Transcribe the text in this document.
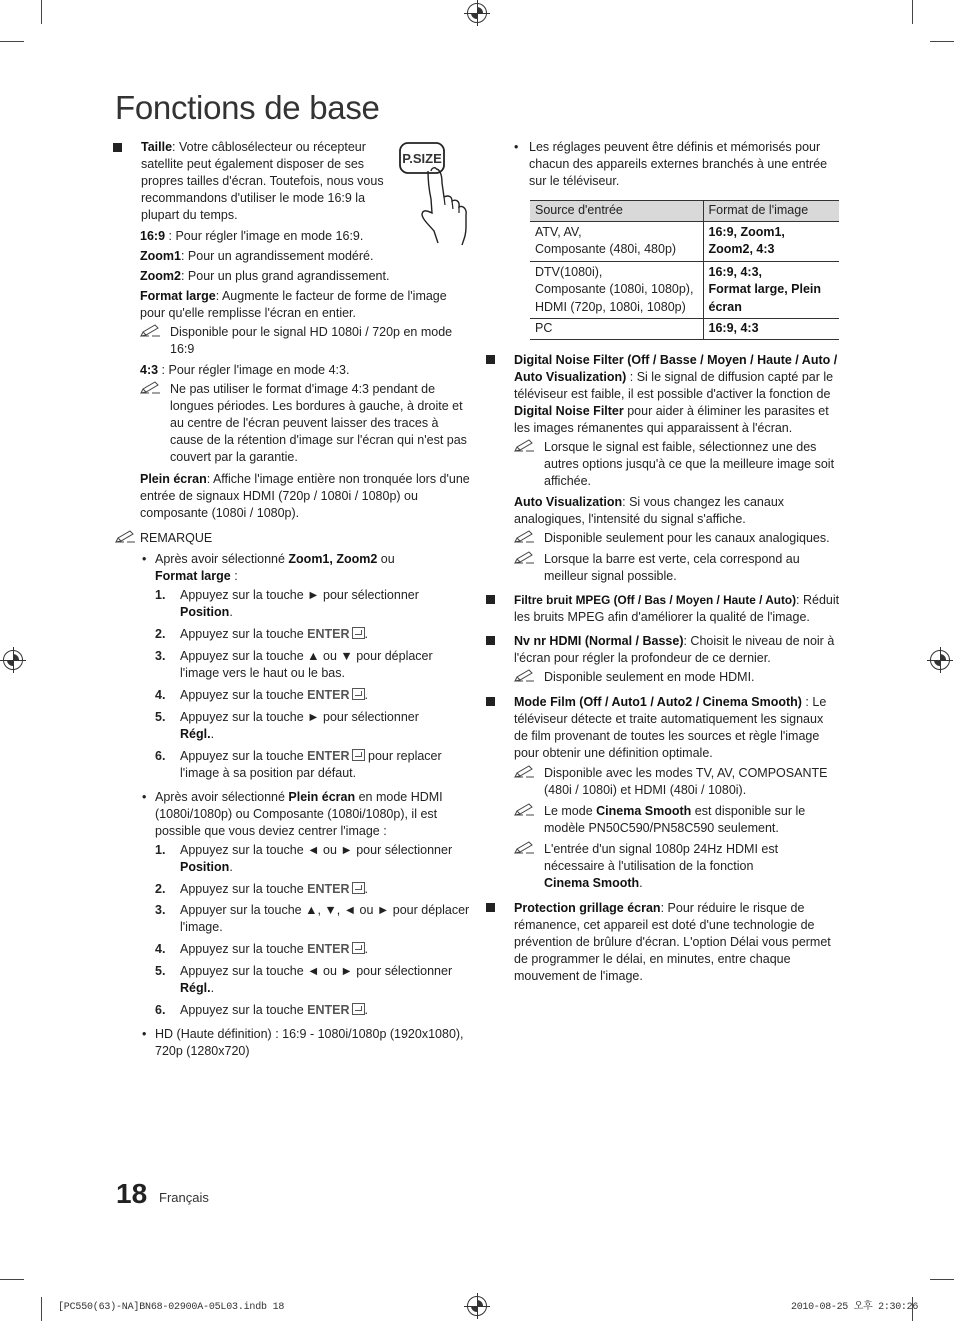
Fonctions de base
Taille: Votre câblosélecteur ou récepteur satellite peut également disposer de ses propres tailles d'écran. Toutefois, nous vous recommandons d'utiliser le mode 16:9 la plupart du temps.
P.SIZE

16:9 : Pour régler l'image en mode 16:9.

Zoom1: Pour un agrandissement modéré.

Zoom2: Pour un plus grand agrandissement.

Format large: Augmente le facteur de forme de l'image pour qu'elle remplisse l'écran en entier.

Disponible pour le signal HD 1080i / 720p en mode 16:9

4:3 : Pour régler l'image en mode 4:3.

Ne pas utiliser le format d'image 4:3 pendant de longues périodes. Les bordures à gauche, à droite et au centre de l'écran peuvent laisser des traces à cause de la rétention d'image sur l'écran qui n'est pas couvert par la garantie.

Plein écran: Affiche l'image entière non tronquée lors d'une entrée de signaux HDMI (720p / 1080i / 1080p) ou composante (1080i / 1080p).

REMARQUE
• Après avoir sélectionné Zoom1, Zoom2 ou
Format large :
1. Appuyez sur la touche ► pour sélectionner
Position.
2. Appuyez sur la touche ENTER .
3. Appuyez sur la touche ▲ ou ▼ pour déplacer l'image vers le haut ou le bas.
4. Appuyez sur la touche ENTER .
5. Appuyez sur la touche ► pour sélectionner
Régl..
6. Appuyez sur la touche ENTER pour replacer l'image à sa position par défaut.
• Après avoir sélectionné Plein écran en mode HDMI (1080i/1080p) ou Composante (1080i/1080p), il est possible que vous deviez centrer l'image :
1. Appuyez sur la touche ◄ ou ► pour sélectionner
Position.
2. Appuyez sur la touche ENTER .
3. Appuyer sur la touche ▲, ▼, ◄ ou ► pour déplacer l'image.
4. Appuyez sur la touche ENTER .
5. Appuyez sur la touche ◄ ou ► pour sélectionner
Régl..
6. Appuyez sur la touche ENTER .
• HD (Haute définition) : 16:9 - 1080i/1080p (1920x1080), 720p (1280x720)
• Les réglages peuvent être définis et mémorisés pour chacun des appareils externes branchés à une entrée sur le téléviseur.
Source d'entrée	Format de l'image
ATV, AV,
Composante (480i, 480p)	16:9, Zoom1,
Zoom2, 4:3
DTV(1080i),
Composante (1080i, 1080p),
HDMI (720p, 1080i, 1080p)	16:9, 4:3,
Format large, Plein
écran
PC	16:9, 4:3
Digital Noise Filter (Off / Basse / Moyen / Haute / Auto / Auto Visualization) : Si le signal de diffusion capté par le téléviseur est faible, il est possible d'activer la fonction de Digital Noise Filter pour aider à éliminer les parasites et les images rémanentes qui apparaissent à l'écran.
Lorsque le signal est faible, sélectionnez une des autres options jusqu'à ce que la meilleure image soit affichée.

Auto Visualization: Si vous changez les canaux analogiques, l'intensité du signal s'affiche.

Disponible seulement pour les canaux analogiques.
Lorsque la barre est verte, cela correspond au meilleur signal possible.
Filtre bruit MPEG (Off / Bas / Moyen / Haute / Auto): Réduit les bruits MPEG afin d'améliorer la qualité de l'image.
Nv nr HDMI (Normal / Basse): Choisit le niveau de noir à l'écran pour régler la profondeur de ce dernier.
Disponible seulement en mode HDMI.
Mode Film (Off / Auto1 / Auto2 / Cinema Smooth) : Le téléviseur détecte et traite automatiquement les signaux de film provenant de toutes les sources et règle l'image pour obtenir une définition optimale.
Disponible avec les modes TV, AV, COMPOSANTE (480i / 1080i) et HDMI (480i / 1080i).
Le mode Cinema Smooth est disponible sur le modèle PN50C590/PN58C590 seulement.
L'entrée d'un signal 1080p 24Hz HDMI est nécessaire à l'utilisation de la fonction
Cinema Smooth.
Protection grillage écran: Pour réduire le risque de rémanence, cet appareil est doté d'une technologie de prévention de brûlure d'écran. L'option Délai vous permet de programmer le délai, en minutes, entre chaque mouvement de l'image.
18 Français
[PC550(63)-NA]BN68-02900A-05L03.indb 18	2010-08-25 오후 2:30:26
